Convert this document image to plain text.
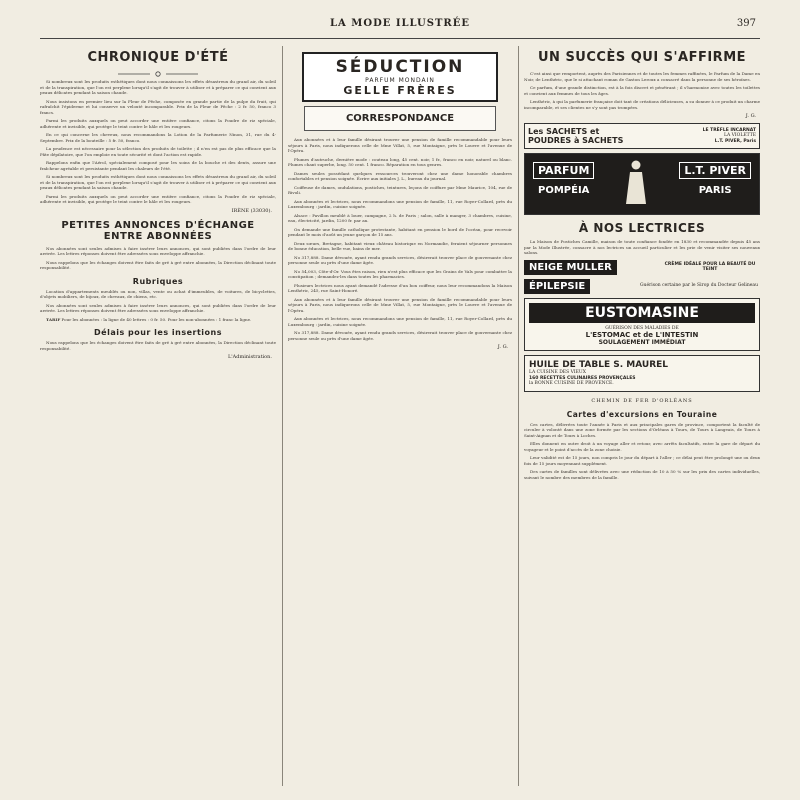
LA MODE ILLUSTRÉE	397
CHRONIQUE D'ÉTÉ

Si nombreux sont les produits esthétiques dont nous connaissons les effets désastreux du grand air, du soleil et de la transpiration, que l'on est perplexe lorsqu'il s'agit de trouver à utiliser et à préparer ce qui convient aux peaux délicates pendant la saison chaude.

Nous insistons en premier lieu sur la Fleur de Pêche, composée en grande partie de la pulpe du fruit, qui rafraîchit l'épiderme et lui conserve un velouté incomparable. Prix de la Fleur de Pêche : 2 fr. 50, franco 3 francs.

Parmi les produits auxquels on peut accorder une entière confiance, citons la Poudre de riz spéciale, adhérente et invisible, qui protège le teint contre le hâle et les rougeurs.

En ce qui concerne les cheveux, nous recommandons la Lotion de la Parfumerie Ninon, 31, rue du 4-Septembre. Prix de la bouteille : 5 fr. 50, franco.

La prudence est nécessaire pour la sélection des produits de toilette ; il n'en est pas de plus efficace que la Pâte dépilatoire, que l'on emploie en toute sécurité et dont l'action est rapide.

Rappelons enfin que l'Aérol, spécialement composé pour les soins de la bouche et des dents, assure une fraîcheur agréable et persistante pendant les chaleurs de l'été.

Si nombreux sont les produits esthétiques dont nous connaissons les effets désastreux du grand air, du soleil et de la transpiration, que l'on est perplexe lorsqu'il s'agit de trouver à utiliser et à préparer ce qui convient aux peaux délicates pendant la saison chaude.

Parmi les produits auxquels on peut accorder une entière confiance, citons la Poudre de riz spéciale, adhérente et invisible, qui protège le teint contre le hâle et les rougeurs.

IRÈNE (33030).
PETITES ANNONCES D'ÉCHANGE ENTRE ABONNÉES

Nos abonnées sont seules admises à faire insérer leurs annonces, qui sont publiées dans l'ordre de leur arrivée. Les lettres réponses doivent être adressées sous enveloppe affranchie.

Nous rappelons que les échanges doivent être faits de gré à gré entre abonnées, la Direction déclinant toute responsabilité.

Rubriques

Location d'appartements meublés ou non, villas, vente ou achat d'immeubles, de voitures, de bicyclettes, d'objets mobiliers, de bijoux, de chevaux, de chiens, etc.

Nos abonnées sont seules admises à faire insérer leurs annonces, qui sont publiées dans l'ordre de leur arrivée. Les lettres réponses doivent être adressées sous enveloppe affranchie.

TARIF Pour les abonnées : la ligne de 40 lettres : 0 fr. 50. Pour les non-abonnées : 1 franc la ligne.

Délais pour les insertions

Nous rappelons que les échanges doivent être faits de gré à gré entre abonnées, la Direction déclinant toute responsabilité.

L'Administration.
SÉDUCTION
PARFUM MONDAIN
GELLE FRÈRES
CORRESPONDANCE

Aux abonnées et à leur famille désirant trouver une pension de famille recommandable pour leurs séjours à Paris, nous indiquerons celle de Mme Villat, 5, rue Montaigne, près le Louvre et l'avenue de l'Opéra.

Plumes d'autruche, dernière mode : couteau long, 45 cent. noir, 1 fr., franco en noir, naturel ou blanc. Plumes chant superbe, long. 50 cent. 1 franco. Réparation en tous genres.

Dames seules possédant quelques ressources trouveront chez une dame honorable chambres confortables et pension soignée. Écrire aux initiales J. L., bureau du journal.

Coiffeuse de dames, ondulations, postiches, teintures, leçons de coiffure par Mme Maurice, 104, rue de Rivoli.

Aux abonnées et lectrices, nous recommandons une pension de famille, 11, rue Royer-Collard, près du Luxembourg : jardin, cuisine soignée.

Alsace : Pavillon meublé à louer, campagne, 2 h. de Paris ; salon, salle à manger, 3 chambres, cuisine, eau, électricité, jardin, 1200 fr. par an.

On demande une famille catholique protestante, habitant en pension le bord de l'océan, pour recevoir pendant le mois d'août un jeune garçon de 15 ans.

Deux sœurs, Bretagne, habitant vieux château historique en Normandie, feraient séjourner personnes de bonne éducation, belle vue, bains de mer.

No 317,888. Dame dévouée, ayant rendu grands services, désirerait trouver place de gouvernante chez personne seule ou près d'une dame âgée.

No 54,003, Côte-d'Or. Vous êtes raison, rien n'est plus efficace que les Grains de Vals pour combattre la constipation ; demandez-les dans toutes les pharmacies.

Plusieurs lectrices nous ayant demandé l'adresse d'un bon coiffeur, nous leur recommandons la Maison Lenthéric, 245, rue Saint-Honoré.

Aux abonnées et à leur famille désirant trouver une pension de famille recommandable pour leurs séjours à Paris, nous indiquerons celle de Mme Villat, 5, rue Montaigne, près le Louvre et l'avenue de l'Opéra.

Aux abonnées et lectrices, nous recommandons une pension de famille, 11, rue Royer-Collard, près du Luxembourg : jardin, cuisine soignée.

No 317,888. Dame dévouée, ayant rendu grands services, désirerait trouver place de gouvernante chez personne seule ou près d'une dame âgée.

J. G.
UN SUCCÈS QUI S'AFFIRME

C'est ainsi que remportent, auprès des Parisiennes et de toutes les femmes raffinées, le Parfum de la Dame en Noir, de Lenthéric, que le si attachant roman de Gaston Leroux a consacré dans la personne de ses héroïnes.

Ce parfum, d'une grande distinction, est à la fois discret et pénétrant ; il s'harmonise avec toutes les toilettes et convient aux femmes de tous les âges.

Lenthéric, à qui la parfumerie française doit tant de créations délicieuses, a su donner à ce produit un charme incomparable, et ses clientes ne s'y sont pas trompées.

J. G.
Les SACHETS et
POUDRES à SACHETS
LE TRÈFLE INCARNAT
LA VIOLETTE
L.T. PIVER, Paris
PARFUM
POMPÉIA
L.T. PIVER
PARIS
À NOS LECTRICES

La Maison de Postiches Camille, maison de toute confiance fondée en 1830 et recommandée depuis 45 ans par la Mode Illustrée, consacre à nos lectrices un accueil particulier et les prie de venir visiter ses nouveaux salons.

NEIGE MULLER	CRÈME IDÉALE POUR LA BEAUTÉ DU TEINT
ÉPILEPSIE	Guérison certaine par le Sirop du Docteur Gelineau
EUSTOMASINE
GUÉRISON DES MALADIES DE
L'ESTOMAC et de L'INTESTIN
SOULAGEMENT IMMÉDIAT
HUILE DE TABLE S. MAUREL
LA CUISINE DES VIEUX
160 RECETTES CULINAIRES PROVENÇALES
la BONNE CUISINE DE PROVENCE.
CHEMIN DE FER D'ORLÉANS
Cartes d'excursions en Touraine

Ces cartes, délivrées toute l'année à Paris et aux principales gares de province, comportent la faculté de circuler à volonté dans une zone formée par les sections d'Orléans à Tours, de Tours à Langeais, de Tours à Saint-Aignan et de Tours à Loches.

Elles donnent en outre droit à un voyage aller et retour, avec arrêts facultatifs, entre la gare de départ du voyageur et le point d'accès de la zone choisie.

Leur validité est de 15 jours, non compris le jour du départ à l'aller ; ce délai peut être prolongé une ou deux fois de 15 jours moyennant supplément.

Des cartes de familles sont délivrées avec une réduction de 10 à 50 % sur les prix des cartes individuelles, suivant le nombre des membres de la famille.
